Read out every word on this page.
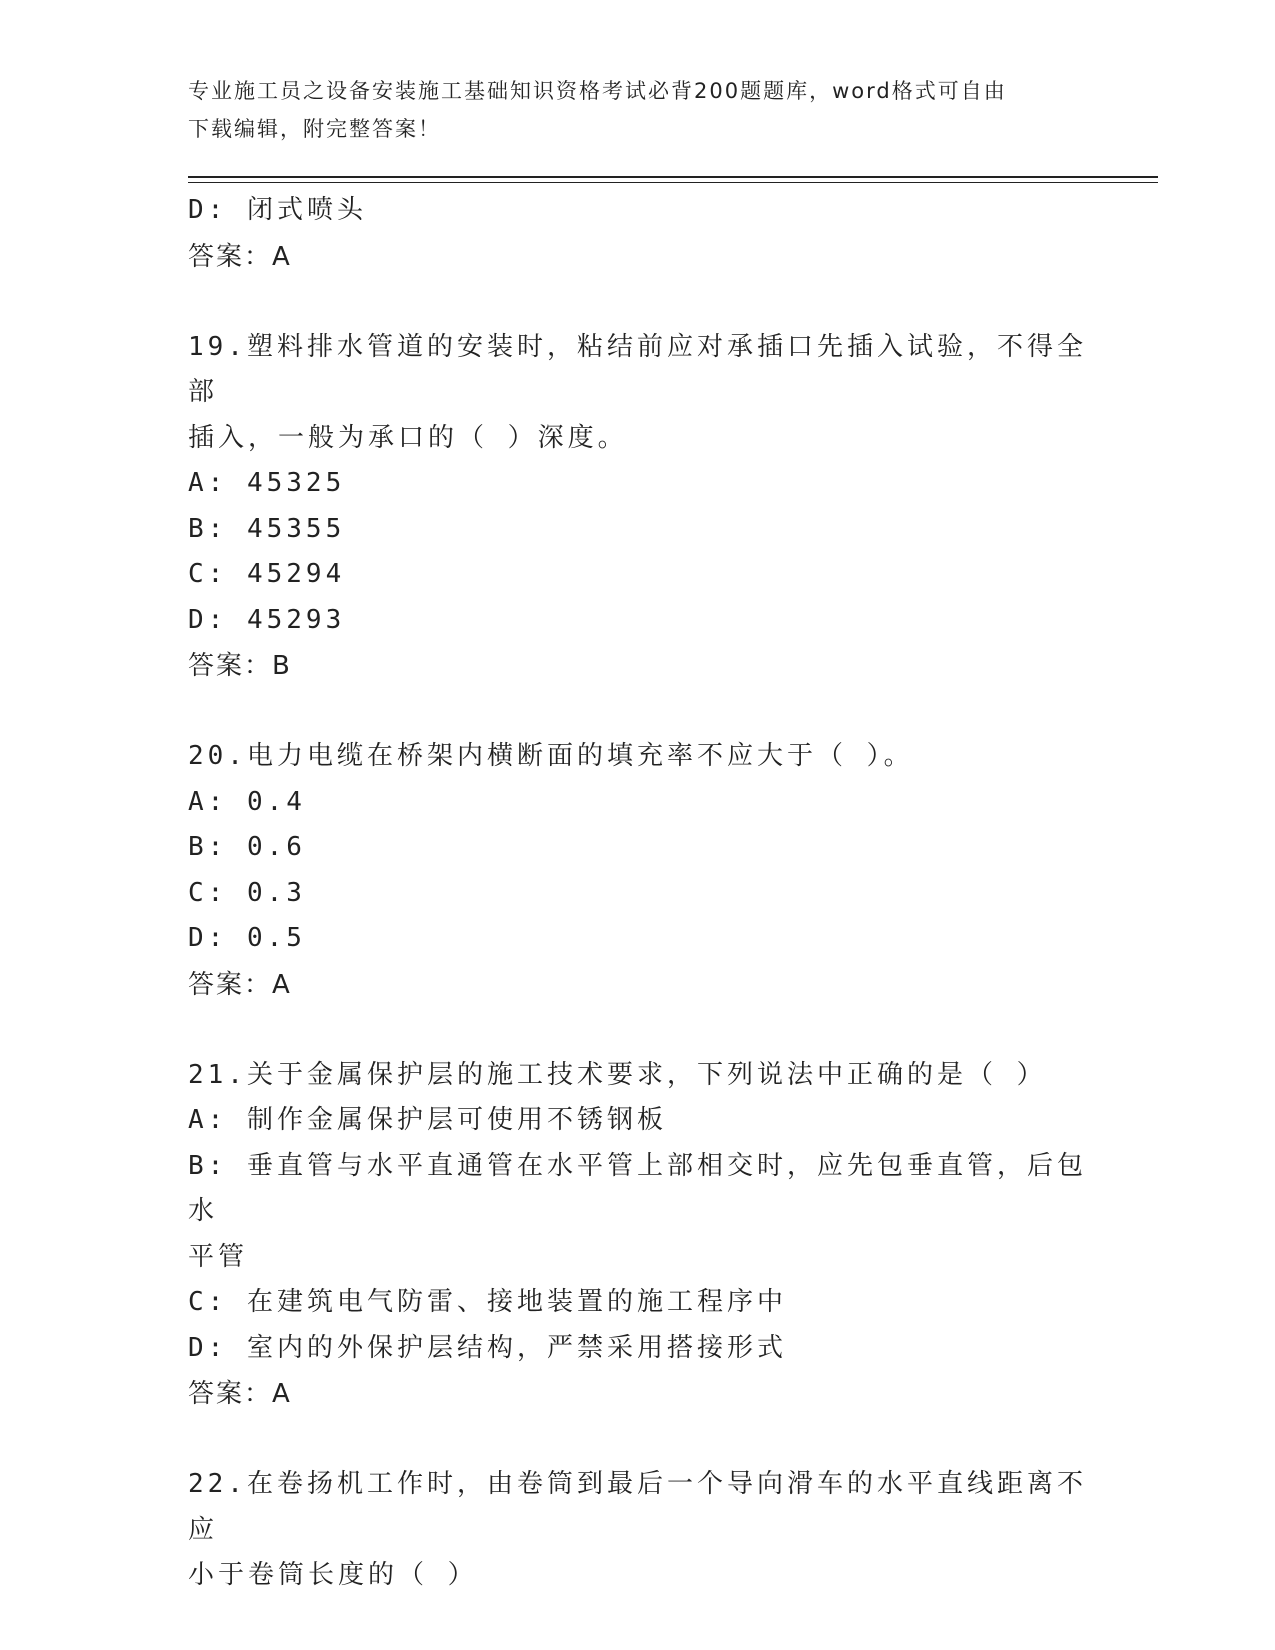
专业施工员之设备安装施工基础知识资格考试必背200题题库，word格式可自由
下载编辑，附完整答案！
D: 闭式喷头
答案：A
19.塑料排水管道的安装时，粘结前应对承插口先插入试验，不得全部
插入，一般为承口的（ ）深度。
A: 45325
B: 45355
C: 45294
D: 45293
答案：B
20.电力电缆在桥架内横断面的填充率不应大于（ ）。
A: 0.4
B: 0.6
C: 0.3
D: 0.5
答案：A
21.关于金属保护层的施工技术要求，下列说法中正确的是（ ）
A: 制作金属保护层可使用不锈钢板
B: 垂直管与水平直通管在水平管上部相交时，应先包垂直管，后包水
平管
C: 在建筑电气防雷、接地装置的施工程序中
D: 室内的外保护层结构，严禁采用搭接形式
答案：A
22.在卷扬机工作时，由卷筒到最后一个导向滑车的水平直线距离不应
小于卷筒长度的（ ）
